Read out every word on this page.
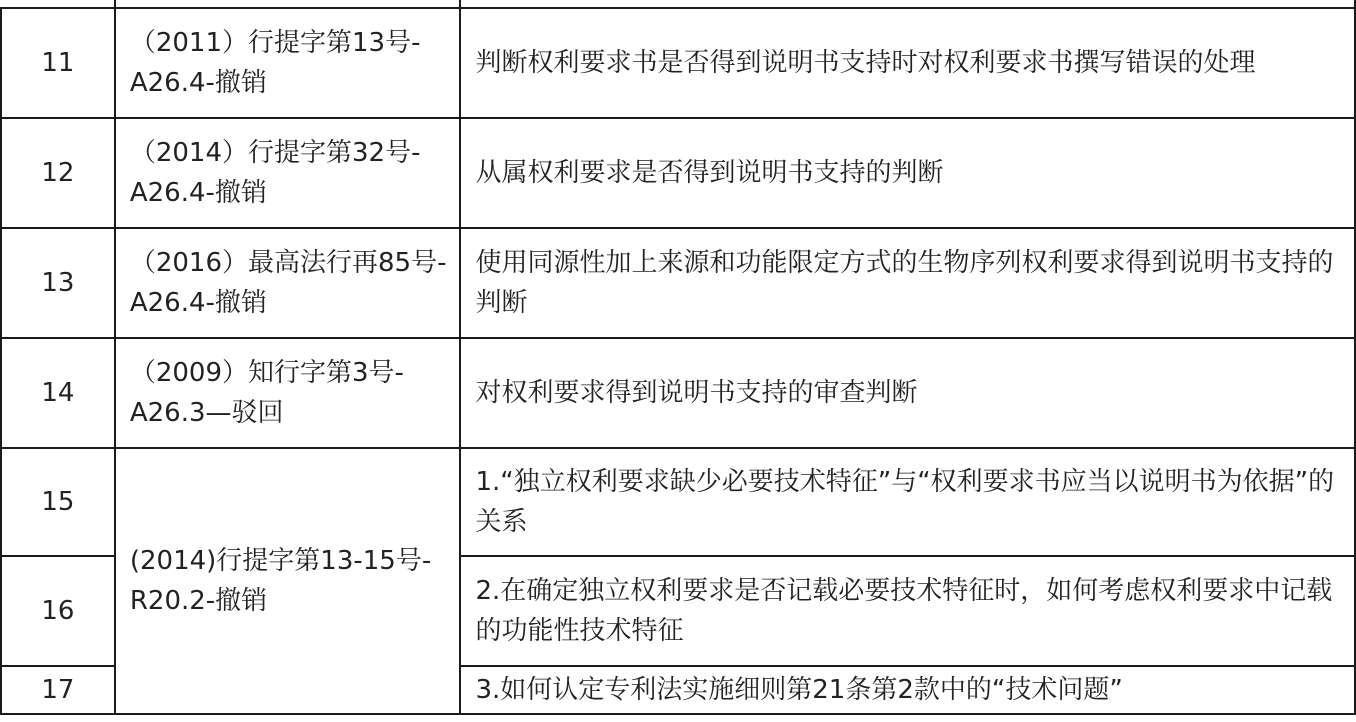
11	（2011）行提字第13号- A26.4-撤销	判断权利要求书是否得到说明书支持时对权利要求书撰写错误的处理
12	（2014）行提字第32号- A26.4-撤销	从属权利要求是否得到说明书支持的判断
13	（2016）最高法行再85号- A26.4-撤销	使用同源性加上来源和功能限定方式的生物序列权利要求得到说明书支持的判断
14	（2009）知行字第3号- A26.3—驳回	对权利要求得到说明书支持的审查判断
15	(2014)行提字第13-15号- R20.2-撤销	1.“独立权利要求缺少必要技术特征”与“权利要求书应当以说明书为依据”的关系
16		2.在确定独立权利要求是否记载必要技术特征时，如何考虑权利要求中记载的功能性技术特征
17		3.如何认定专利法实施细则第21条第2款中的“技术问题”
